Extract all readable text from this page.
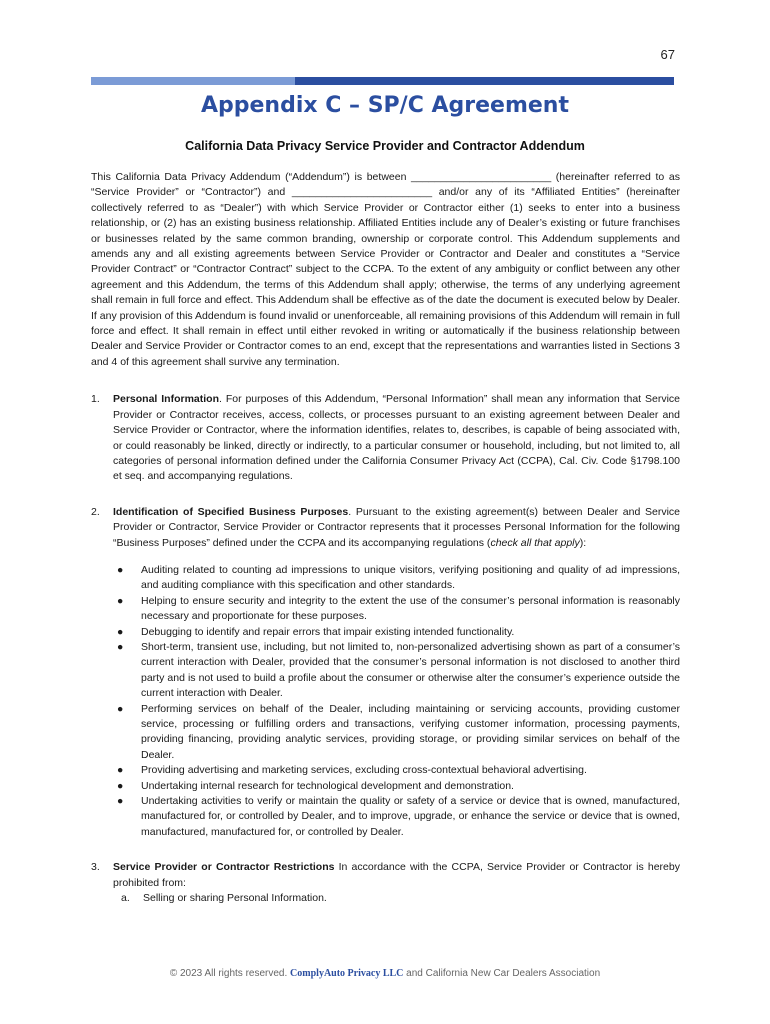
67
Appendix C – SP/C Agreement
California Data Privacy Service Provider and Contractor Addendum

This California Data Privacy Addendum (“Addendum”) is between ________________________ (hereinafter referred to as “Service Provider” or “Contractor”) and ________________________ and/or any of its “Affiliated Entities” (hereinafter collectively referred to as “Dealer”) with which Service Provider or Contractor either (1) seeks to enter into a business relationship, or (2) has an existing business relationship. Affiliated Entities include any of Dealer’s existing or future franchises or businesses related by the same common branding, ownership or corporate control. This Addendum supplements and amends any and all existing agreements between Service Provider or Contractor and Dealer and constitutes a “Service Provider Contract” or “Contractor Contract” subject to the CCPA. To the extent of any ambiguity or conflict between any other agreement and this Addendum, the terms of this Addendum shall apply; otherwise, the terms of any underlying agreement shall remain in full force and effect. This Addendum shall be effective as of the date the document is executed below by Dealer. If any provision of this Addendum is found invalid or unenforceable, all remaining provisions of this Addendum will remain in full force and effect. It shall remain in effect until either revoked in writing or automatically if the business relationship between Dealer and Service Provider or Contractor comes to an end, except that the representations and warranties listed in Sections 3 and 4 of this agreement shall survive any termination.

1.	Personal Information. For purposes of this Addendum, “Personal Information” shall mean any information that Service Provider or Contractor receives, access, collects, or processes pursuant to an existing agreement between Dealer and Service Provider or Contractor, where the information identifies, relates to, describes, is capable of being associated with, or could reasonably be linked, directly or indirectly, to a particular consumer or household, including, but not limited to, all categories of personal information defined under the California Consumer Privacy Act (CCPA), Cal. Civ. Code §1798.100 et seq. and accompanying regulations.
2.	Identification of Specified Business Purposes. Pursuant to the existing agreement(s) between Dealer and Service Provider or Contractor, Service Provider or Contractor represents that it processes Personal Information for the following “Business Purposes” defined under the CCPA and its accompanying regulations (check all that apply):
●	Auditing related to counting ad impressions to unique visitors, verifying positioning and quality of ad impressions, and auditing compliance with this specification and other standards.
●	Helping to ensure security and integrity to the extent the use of the consumer’s personal information is reasonably necessary and proportionate for these purposes.
●	Debugging to identify and repair errors that impair existing intended functionality.
●	Short-term, transient use, including, but not limited to, non-personalized advertising shown as part of a consumer’s current interaction with Dealer, provided that the consumer’s personal information is not disclosed to another third party and is not used to build a profile about the consumer or otherwise alter the consumer’s experience outside the current interaction with Dealer.
●	Performing services on behalf of the Dealer, including maintaining or servicing accounts, providing customer service, processing or fulfilling orders and transactions, verifying customer information, processing payments, providing financing, providing analytic services, providing storage, or providing similar services on behalf of the Dealer.
●	Providing advertising and marketing services, excluding cross-contextual behavioral advertising.
●	Undertaking internal research for technological development and demonstration.
●	Undertaking activities to verify or maintain the quality or safety of a service or device that is owned, manufactured, manufactured for, or controlled by Dealer, and to improve, upgrade, or enhance the service or device that is owned, manufactured, manufactured for, or controlled by Dealer.
3.	Service Provider or Contractor Restrictions In accordance with the CCPA, Service Provider or Contractor is hereby prohibited from:
a.	Selling or sharing Personal Information.
© 2023 All rights reserved. ComplyAuto Privacy LLC and California New Car Dealers Association
